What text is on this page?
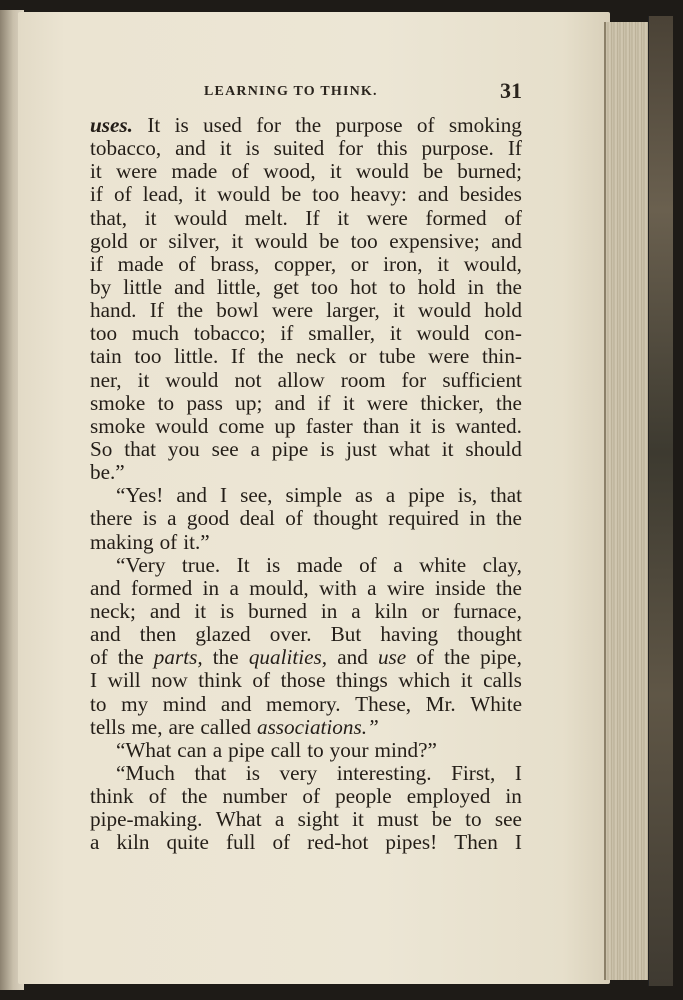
LEARNING TO THINK.	31
uses. It is used for the purpose of smoking
tobacco, and it is suited for this purpose. If
it were made of wood, it would be burned;
if of lead, it would be too heavy: and besides
that, it would melt. If it were formed of
gold or silver, it would be too expensive; and
if made of brass, copper, or iron, it would,
by little and little, get too hot to hold in the
hand. If the bowl were larger, it would hold
too much tobacco; if smaller, it would con-
tain too little. If the neck or tube were thin-
ner, it would not allow room for sufficient
smoke to pass up; and if it were thicker, the
smoke would come up faster than it is wanted.
So that you see a pipe is just what it should
be.”
“Yes! and I see, simple as a pipe is, that
there is a good deal of thought required in the
making of it.”
“Very true. It is made of a white clay,
and formed in a mould, with a wire inside the
neck; and it is burned in a kiln or furnace,
and then glazed over. But having thought
of the parts, the qualities, and use of the pipe,
I will now think of those things which it calls
to my mind and memory. These, Mr. White
tells me, are called associations.”
“What can a pipe call to your mind?”
“Much that is very interesting. First, I
think of the number of people employed in
pipe-making. What a sight it must be to see
a kiln quite full of red-hot pipes! Then I
